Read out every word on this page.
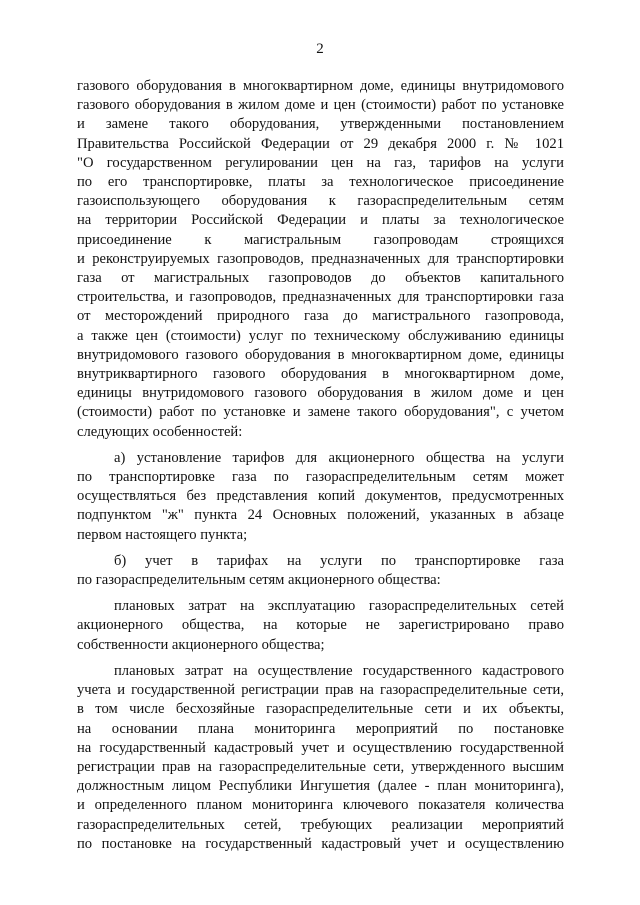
2

газового оборудования в многоквартирном доме, единицы внутридомового
газового оборудования в жилом доме и цен (стоимости) работ по установке
и замене такого оборудования, утвержденными постановлением
Правительства Российской Федерации от 29 декабря 2000 г. № 1021
"О государственном регулировании цен на газ, тарифов на услуги
по его транспортировке, платы за технологическое присоединение
газоиспользующего оборудования к газораспределительным сетям
на территории Российской Федерации и платы за технологическое
присоединение к магистральным газопроводам строящихся
и реконструируемых газопроводов, предназначенных для транспортировки
газа от магистральных газопроводов до объектов капитального
строительства, и газопроводов, предназначенных для транспортировки газа
от месторождений природного газа до магистрального газопровода,
а также цен (стоимости) услуг по техническому обслуживанию единицы
внутридомового газового оборудования в многоквартирном доме, единицы
внутриквартирного газового оборудования в многоквартирном доме,
единицы внутридомового газового оборудования в жилом доме и цен
(стоимости) работ по установке и замене такого оборудования", с учетом
следующих особенностей:

а) установление тарифов для акционерного общества на услуги
по транспортировке газа по газораспределительным сетям может
осуществляться без представления копий документов, предусмотренных
подпунктом "ж" пункта 24 Основных положений, указанных в абзаце
первом настоящего пункта;

б) учет в тарифах на услуги по транспортировке газа
по газораспределительным сетям акционерного общества:

плановых затрат на эксплуатацию газораспределительных сетей
акционерного общества, на которые не зарегистрировано право
собственности акционерного общества;

плановых затрат на осуществление государственного кадастрового
учета и государственной регистрации прав на газораспределительные сети,
в том числе бесхозяйные газораспределительные сети и их объекты,
на основании плана мониторинга мероприятий по постановке
на государственный кадастровый учет и осуществлению государственной
регистрации прав на газораспределительные сети, утвержденного высшим
должностным лицом Республики Ингушетия (далее - план мониторинга),
и определенного планом мониторинга ключевого показателя количества
газораспределительных сетей, требующих реализации мероприятий
по постановке на государственный кадастровый учет и осуществлению
